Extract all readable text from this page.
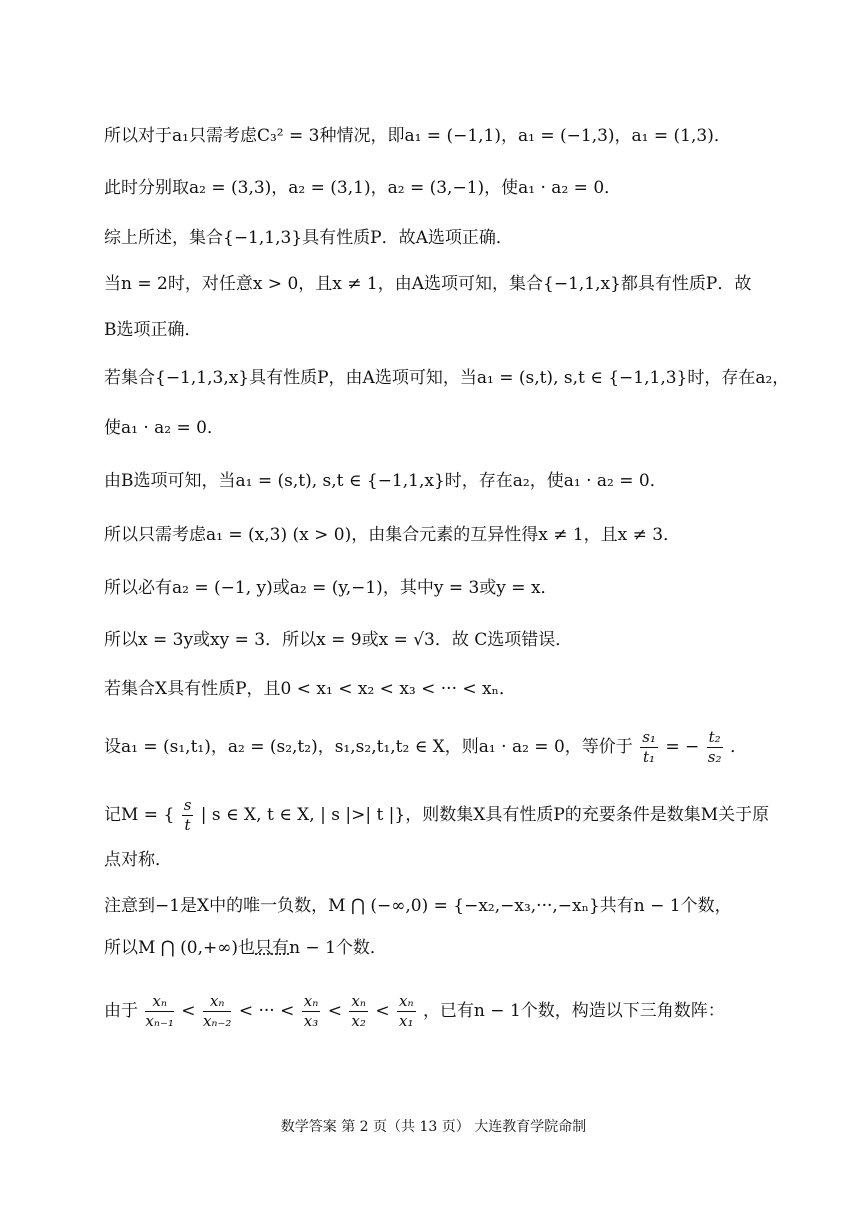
所以对于a₁只需考虑C₃² = 3种情况，即a₁ = (−1,1)，a₁ = (−1,3)，a₁ = (1,3)．
此时分别取a₂ = (3,3)，a₂ = (3,1)，a₂ = (3,−1)，使a₁ · a₂ = 0．
综上所述，集合{−1,1,3}具有性质P．故A选项正确．
当n = 2时，对任意x > 0，且x ≠ 1，由A选项可知，集合{−1,1,x}都具有性质P．故
B选项正确．
若集合{−1,1,3,x}具有性质P，由A选项可知，当a₁ = (s,t), s,t ∈ {−1,1,3}时，存在a₂，
使a₁ · a₂ = 0．
由B选项可知，当a₁ = (s,t), s,t ∈ {−1,1,x}时，存在a₂，使a₁ · a₂ = 0．
所以只需考虑a₁ = (x,3) (x > 0)，由集合元素的互异性得x ≠ 1，且x ≠ 3．
所以必有a₂ = (−1, y)或a₂ = (y,−1)，其中y = 3或y = x．
所以x = 3y或xy = 3．所以x = 9或x = √3．故 C选项错误．
若集合X具有性质P，且0 < x₁ < x₂ < x₃ < ··· < xₙ．
设a₁ = (s₁,t₁)，a₂ = (s₂,t₂)，s₁,s₂,t₁,t₂ ∈ X，则a₁ · a₂ = 0，等价于 $\frac{\text{s₁}}{\text{t₁}}$ = − $\frac{\text{t₂}}{\text{s₂}}$ ．
记M = { $\frac{s}{t}$ | s ∈ X, t ∈ X, | s |>| t |}，则数集X具有性质P的充要条件是数集M关于原
点对称．
注意到−1是X中的唯一负数，M ⋂ (−∞,0) = {−x₂,−x₃,···,−xₙ}共有n − 1个数，
所以M ⋂ (0,+∞)也只有n − 1个数．
由于 $\frac{\text{xₙ}}{\text{xₙ₋₁}} < \frac{\text{xₙ}}{\text{xₙ₋₂}}$ < ··· < $\frac{\text{xₙ}}{\text{x₃}} < \frac{\text{xₙ}}{\text{x₂}} < \frac{\text{xₙ}}{\text{x₁}}$ ，已有n − 1个数，构造以下三角数阵：
数学答案 第 2 页（共 13 页） 大连教育学院命制
